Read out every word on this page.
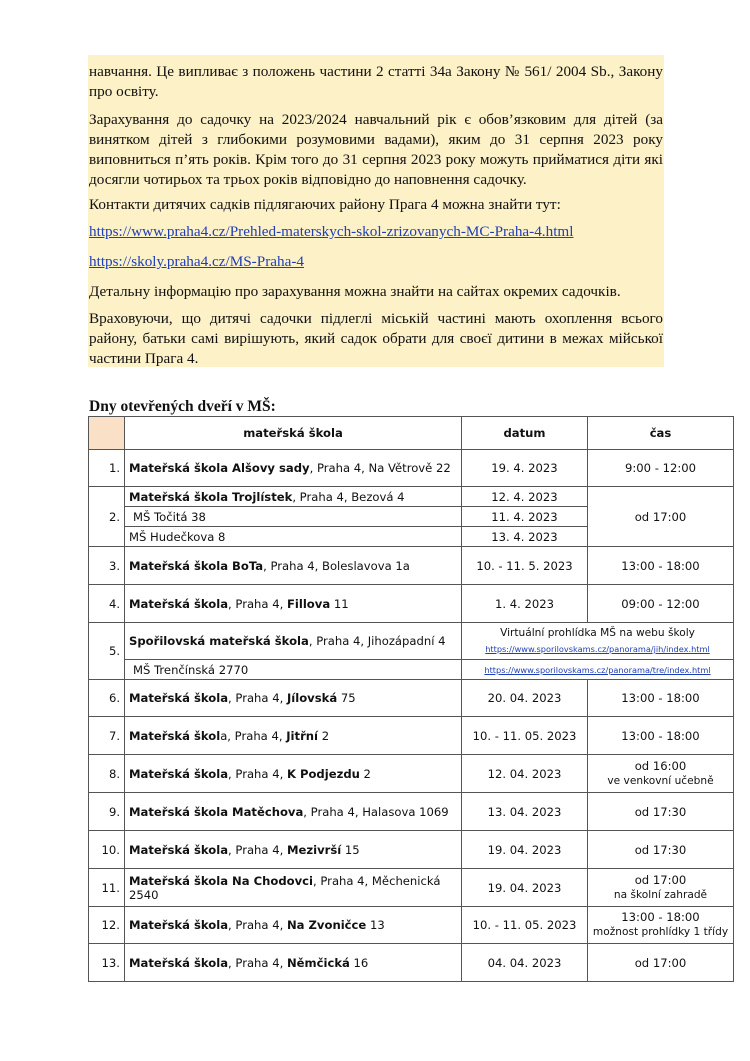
навчання. Це випливає з положень частини 2 статті 34а Закону № 561/ 2004 Sb., Закону про освіту.

Зарахування до садочку на 2023/2024 навчальний рік є обов’язковим для дітей (за винятком дітей з глибокими розумовими вадами), яким до 31 серпня 2023 року виповниться п’ять років. Крім того до 31 серпня 2023 року можуть прийматися діти які досягли чотирьох та трьох років відповідно до наповнення садочку.

Контакти дитячих садків підлягаючих району Прага 4 можна знайти тут:

https://www.praha4.cz/Prehled-materskych-skol-zrizovanych-MC-Praha-4.html

https://skoly.praha4.cz/MS-Praha-4

Детальну інформацію про зарахування можна знайти на сайтах окремих садочків.

Враховуючи, що дитячі садочки підлеглі міській частині мають охоплення всього району, батьки самі вирішують, який садок обрати для своєї дитини в межах мійської частини Прага 4.

Dny otevřených dveří v MŠ:

	mateřská škola	datum	čas
1.	Mateřská škola Alšovy sady, Praha 4, Na Větrově 22	19. 4. 2023	9:00 - 12:00
2.	Mateřská škola Trojlístek, Praha 4, Bezová 4	12. 4. 2023	od 17:00
	MŠ Točitá 38	11. 4. 2023	
	MŠ Hudečkova 8	13. 4. 2023	
3.	Mateřská škola BoTa, Praha 4, Boleslavova 1a	10. - 11. 5. 2023	13:00 - 18:00
4.	Mateřská škola, Praha 4, Fillova 11	1. 4. 2023	09:00 - 12:00
5.	Spořilovská mateřská škola, Praha 4, Jihozápadní 4	Virtuální prohlídka MŠ na webu školy
https://www.sporilovskams.cz/panorama/jih/index.html	

	MŠ Trenčínská 2770	https://www.sporilovskams.cz/panorama/tre/index.html	

6.	Mateřská škola, Praha 4, Jílovská 75	20. 04. 2023	13:00 - 18:00
7.	Mateřská škola, Praha 4, Jitřní 2	10. - 11. 05. 2023	13:00 - 18:00
8.	Mateřská škola, Praha 4, K Podjezdu 2	12. 04. 2023	od 16:00
ve venkovní učebně

9.	Mateřská škola Matěchova, Praha 4, Halasova 1069	13. 04. 2023	od 17:30
10.	Mateřská škola, Praha 4, Mezivrší 15	19. 04. 2023	od 17:30
11.	Mateřská škola Na Chodovci, Praha 4, Měchenická 2540	19. 04. 2023	od 17:00
na školní zahradě

12.	Mateřská škola, Praha 4, Na Zvoničce 13	10. - 11. 05. 2023	13:00 - 18:00
možnost prohlídky 1 třídy

13.	Mateřská škola, Praha 4, Němčická 16	04. 04. 2023	od 17:00
